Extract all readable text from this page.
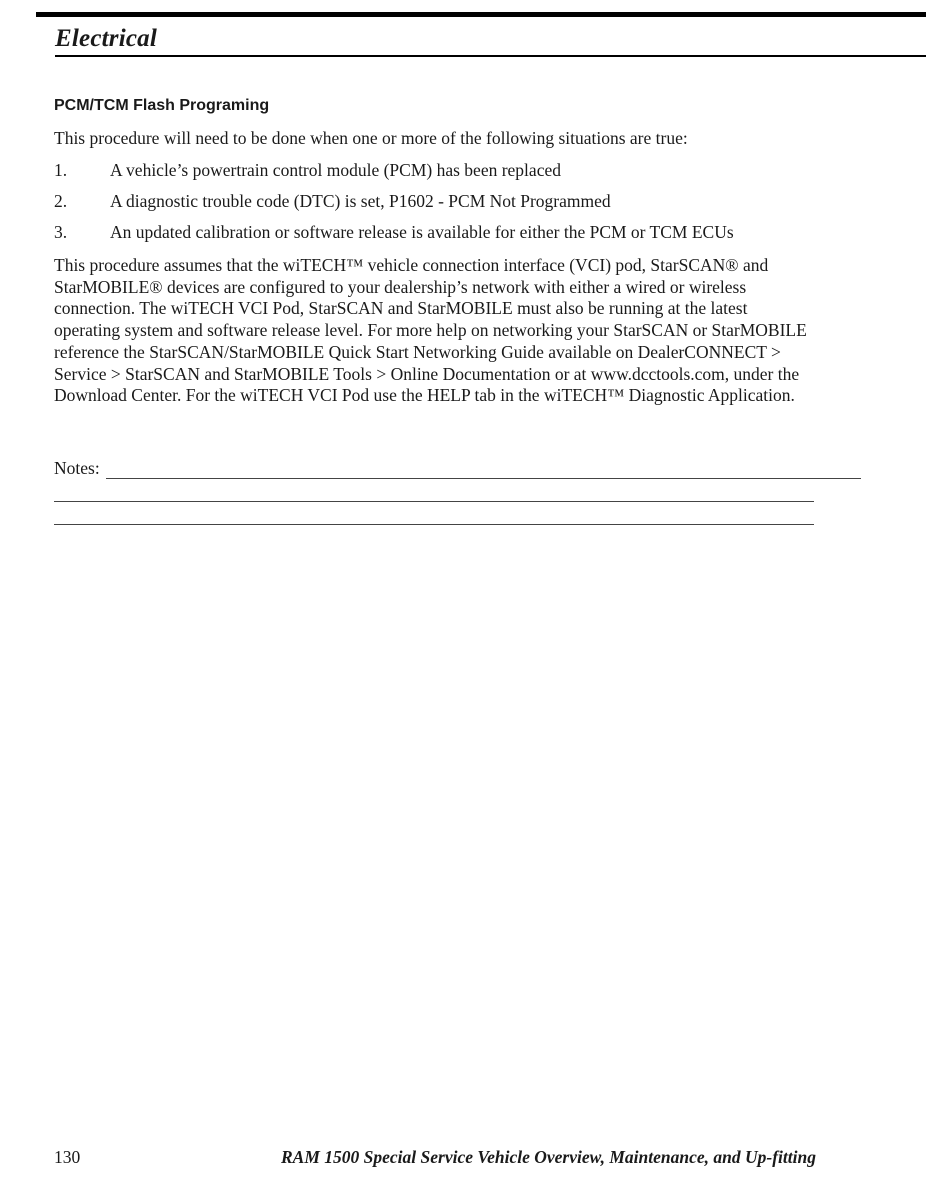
Electrical
PCM/TCM Flash Programing
This procedure will need to be done when one or more of the following situations are true:
1.	A vehicle’s powertrain control module (PCM) has been replaced
2.	A diagnostic trouble code (DTC) is set, P1602 - PCM Not Programmed
3.	An updated calibration or software release is available for either the PCM or TCM ECUs
This procedure assumes that the wiTECH™ vehicle connection interface (VCI) pod, StarSCAN® and StarMOBILE® devices are configured to your dealership’s network with either a wired or wireless connection. The wiTECH VCI Pod, StarSCAN and StarMOBILE must also be running at the latest operating system and software release level. For more help on networking your StarSCAN or StarMOBILE reference the StarSCAN/StarMOBILE Quick Start Networking Guide available on DealerCONNECT > Service > StarSCAN and StarMOBILE Tools > Online Documentation or at www.dcctools.com, under the Download Center. For the wiTECH VCI Pod use the HELP tab in the wiTECH™ Diagnostic Application.
Notes:
130	RAM 1500 Special Service Vehicle Overview, Maintenance, and Up-fitting
